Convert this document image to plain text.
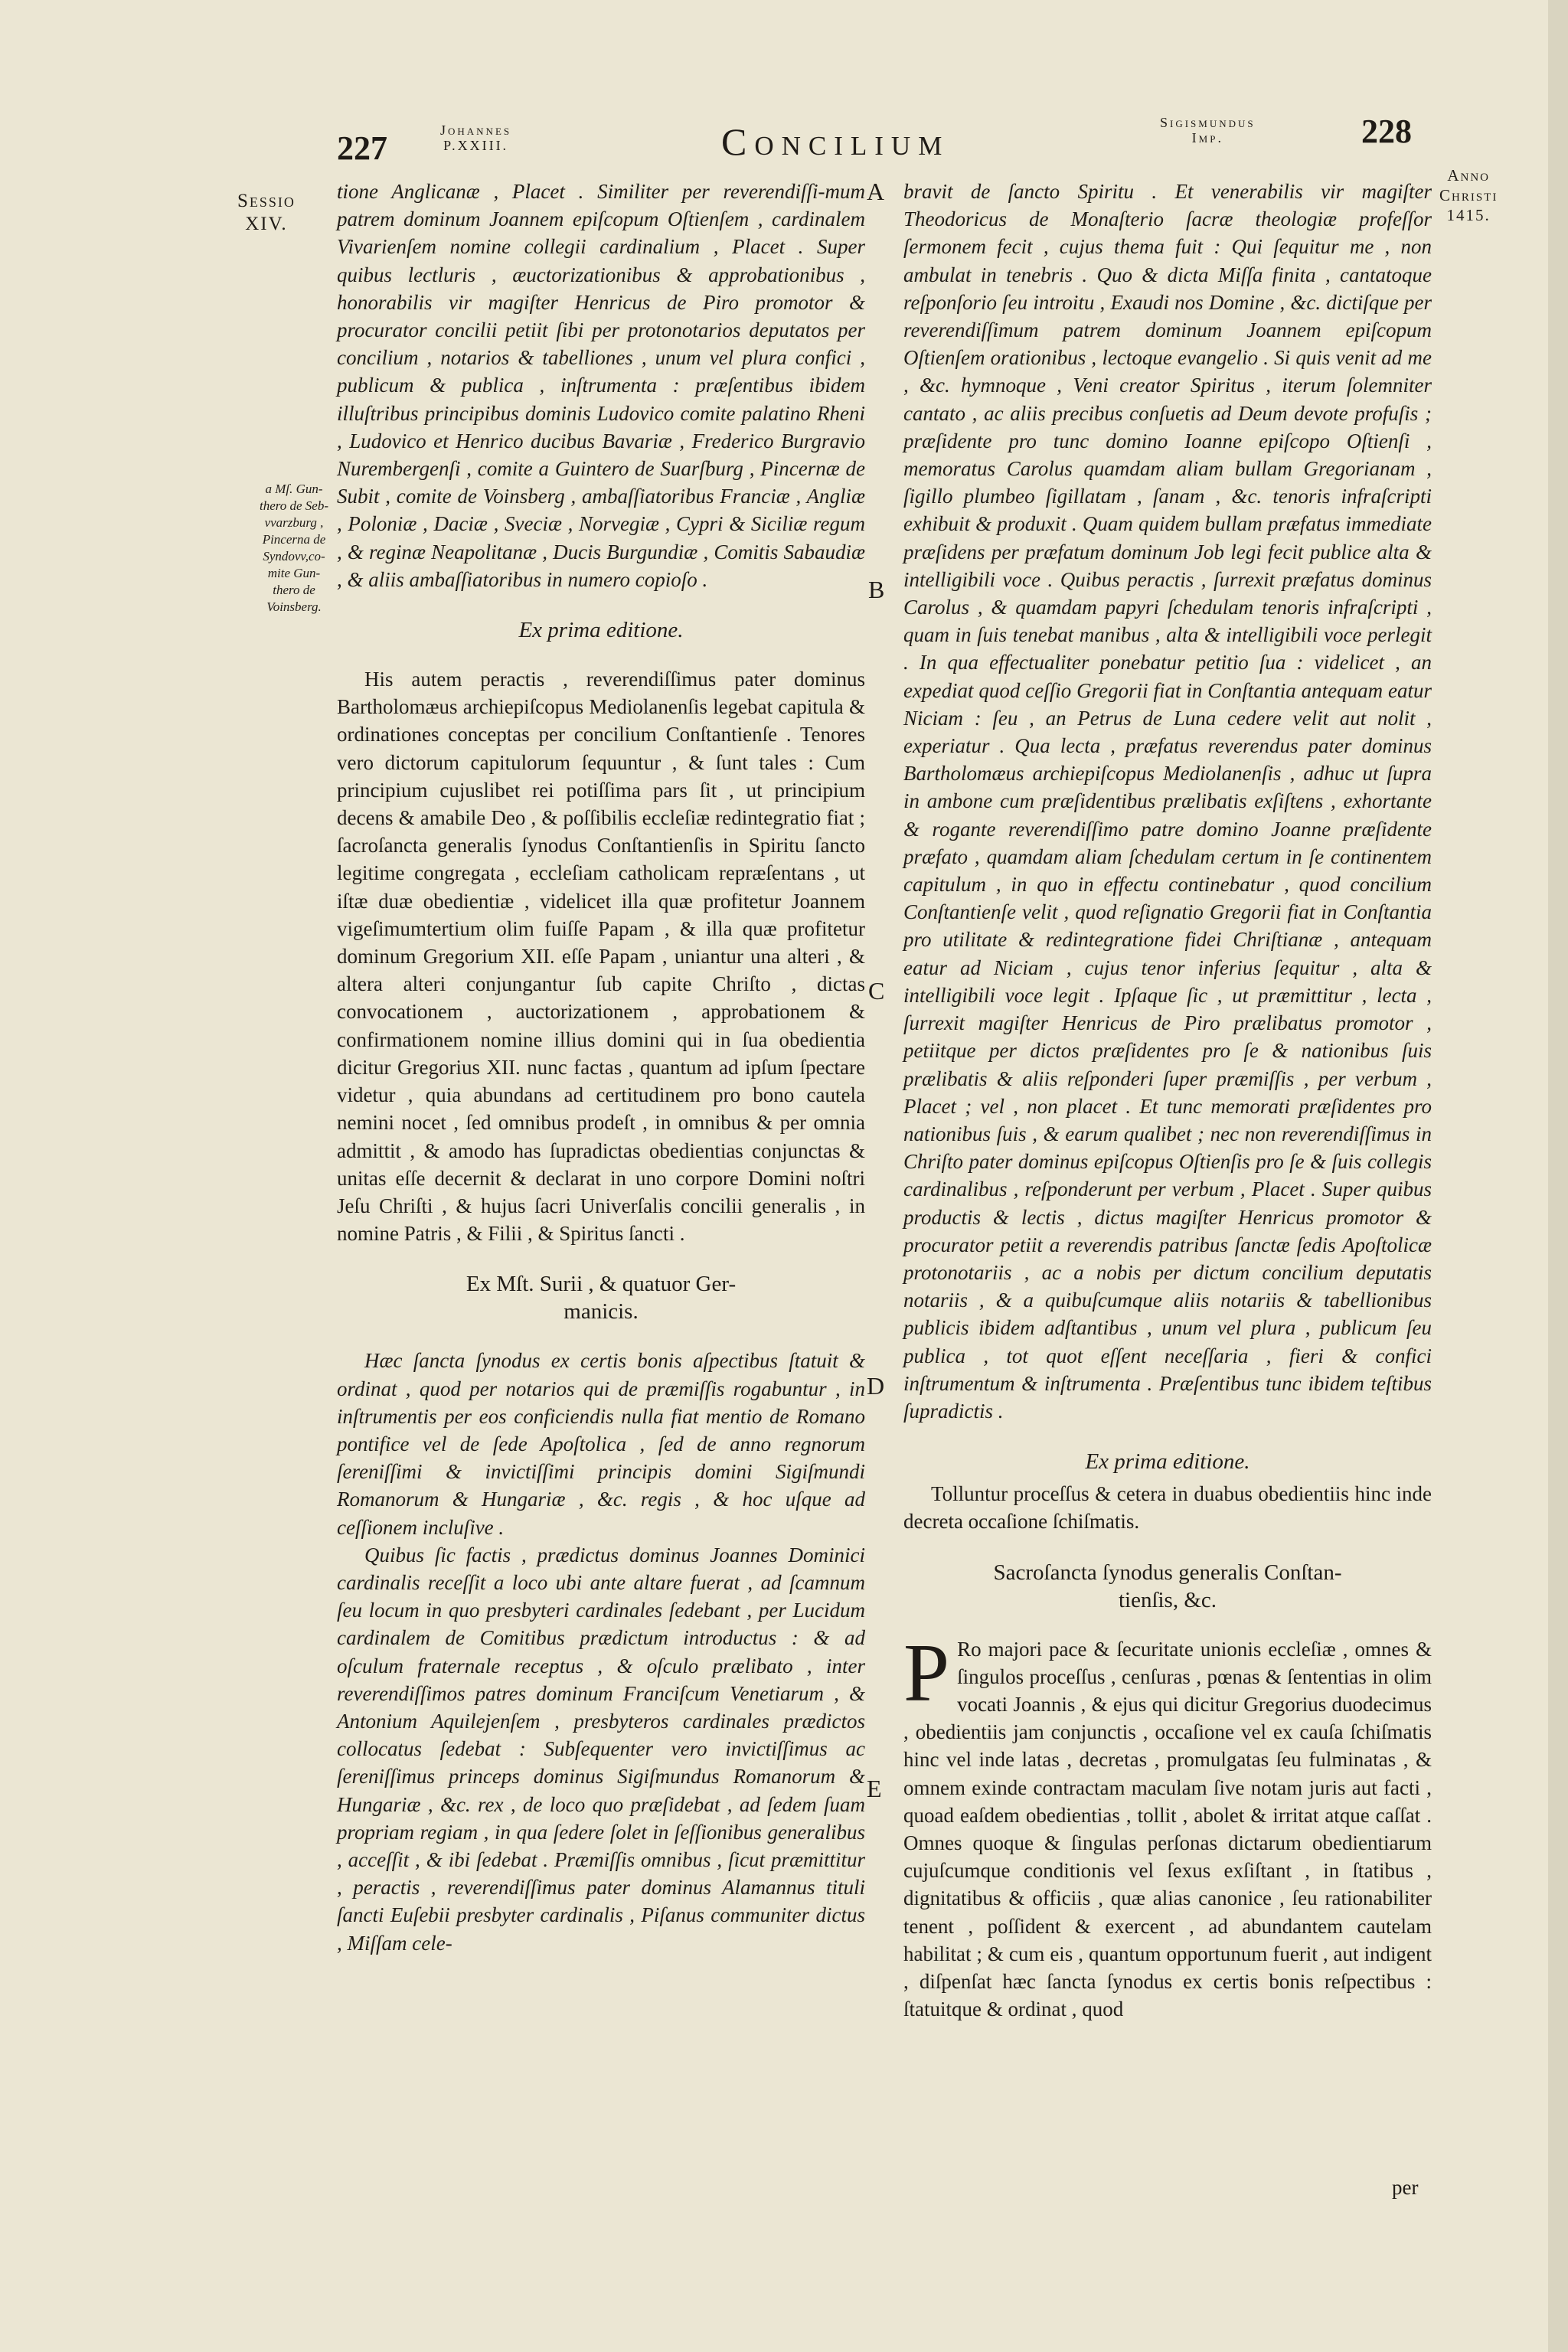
227	Johannes
P.XXIII.	Concilium	Sigismundus
Imp.	228
Sessio
XIV.
Anno
Christi
1415.
a Mſ. Gun-
thero de Seb-
vvarzburg ,
Pincerna de
Syndovv,co-
mite Gun-
thero de
Voinsberg.
A
B
C
D
E

tione Anglicanæ , Placet . Similiter per reverendiſſi-mum patrem dominum Joannem epiſcopum Oſtienſem , cardinalem Vivarienſem nomine collegii cardinalium , Placet . Super quibus lectluris , æuctorizationibus & approbationibus , honorabilis vir magiſter Henricus de Piro promotor & procurator concilii petiit ſibi per protonotarios deputatos per concilium , notarios & tabelliones , unum vel plura confici , publicum & publica , inſtrumenta : præſentibus ibidem illuſtribus principibus dominis Ludovico comite palatino Rheni , Ludovico et Henrico ducibus Bavariæ , Frederico Burgravio Nurembergenſi , comite a Guintero de Suarſburg , Pincernæ de Subit , comite de Voinsberg , ambaſſiatoribus Franciæ , Angliæ , Poloniæ , Daciæ , Sveciæ , Norvegiæ , Cypri & Siciliæ regum , & reginæ Neapolitanæ , Ducis Burgundiæ , Comitis Sabaudiæ , & aliis ambaſſiatoribus in numero copioſo .

Ex prima editione.

His autem peractis , reverendiſſimus pater dominus Bartholomæus archiepiſcopus Mediolanenſis legebat capitula & ordinationes conceptas per concilium Conſtantienſe . Tenores vero dictorum capitulorum ſequuntur , & ſunt tales : Cum principium cujuslibet rei potiſſima pars ſit , ut principium decens & amabile Deo , & poſſibilis eccleſiæ redintegratio fiat ; ſacroſancta generalis ſynodus Conſtantienſis in Spiritu ſancto legitime congregata , eccleſiam catholicam repræſentans , ut iſtæ duæ obedientiæ , videlicet illa quæ profitetur Joannem vigeſimumtertium olim fuiſſe Papam , & illa quæ profitetur dominum Gregorium XII. eſſe Papam , uniantur una alteri , & altera alteri conjungantur ſub capite Chriſto , dictas convocationem , auctorizationem , approbationem & confirmationem nomine illius domini qui in ſua obedientia dicitur Gregorius XII. nunc factas , quantum ad ipſum ſpectare videtur , quia abundans ad certitudinem pro bono cautela nemini nocet , ſed omnibus prodeſt , in omnibus & per omnia admittit , & amodo has ſupradictas obedientias conjunctas & unitas eſſe decernit & declarat in uno corpore Domini noſtri Jeſu Chriſti , & hujus ſacri Univerſalis concilii generalis , in nomine Patris , & Filii , & Spiritus ſancti .

Ex Mſt. Surii , & quatuor Ger-
manicis.

Hæc ſancta ſynodus ex certis bonis aſpectibus ſtatuit & ordinat , quod per notarios qui de præmiſſis rogabuntur , in inſtrumentis per eos conficiendis nulla fiat mentio de Romano pontifice vel de ſede Apoſtolica , ſed de anno regnorum ſereniſſimi & invictiſſimi principis domini Sigiſmundi Romanorum & Hungariæ , &c. regis , & hoc uſque ad ceſſionem incluſive .

Quibus ſic factis , prædictus dominus Joannes Dominici cardinalis receſſit a loco ubi ante altare fuerat , ad ſcamnum ſeu locum in quo presbyteri cardinales ſedebant , per Lucidum cardinalem de Comitibus prædictum introductus : & ad oſculum fraternale receptus , & oſculo prælibato , inter reverendiſſimos patres dominum Franciſcum Venetiarum , & Antonium Aquilejenſem , presbyteros cardinales prædictos collocatus ſedebat : Subſequenter vero invictiſſimus ac ſereniſſimus princeps dominus Sigiſmundus Romanorum & Hungariæ , &c. rex , de loco quo præſidebat , ad ſedem ſuam propriam regiam , in qua ſedere ſolet in ſeſſionibus generalibus , acceſſit , & ibi ſedebat . Præmiſſis omnibus , ſicut præmittitur , peractis , reverendiſſimus pater dominus Alamannus tituli ſancti Euſebii presbyter cardinalis , Piſanus communiter dictus , Miſſam cele-

bravit de ſancto Spiritu . Et venerabilis vir magiſter Theodoricus de Monaſterio ſacræ theologiæ profeſſor ſermonem fecit , cujus thema fuit : Qui ſequitur me , non ambulat in tenebris . Quo & dicta Miſſa finita , cantatoque reſponſorio ſeu introitu , Exaudi nos Domine , &c. dictiſque per reverendiſſimum patrem dominum Joannem epiſcopum Oſtienſem orationibus , lectoque evangelio . Si quis venit ad me , &c. hymnoque , Veni creator Spiritus , iterum ſolemniter cantato , ac aliis precibus conſuetis ad Deum devote profuſis ; præſidente pro tunc domino Ioanne epiſcopo Oſtienſi , memoratus Carolus quamdam aliam bullam Gregorianam , ſigillo plumbeo ſigillatam , ſanam , &c. tenoris infraſcripti exhibuit & produxit . Quam quidem bullam præfatus immediate præſidens per præfatum dominum Job legi fecit publice alta & intelligibili voce . Quibus peractis , ſurrexit præfatus dominus Carolus , & quamdam papyri ſchedulam tenoris infraſcripti , quam in ſuis tenebat manibus , alta & intelligibili voce perlegit . In qua effectualiter ponebatur petitio ſua : videlicet , an expediat quod ceſſio Gregorii fiat in Conſtantia antequam eatur Niciam : ſeu , an Petrus de Luna cedere velit aut nolit , experiatur . Qua lecta , præfatus reverendus pater dominus Bartholomæus archiepiſcopus Mediolanenſis , adhuc ut ſupra in ambone cum præſidentibus prælibatis exſiſtens , exhortante & rogante reverendiſſimo patre domino Joanne præſidente præfato , quamdam aliam ſchedulam certum in ſe continentem capitulum , in quo in effectu continebatur , quod concilium Conſtantienſe velit , quod reſignatio Gregorii fiat in Conſtantia pro utilitate & redintegratione fidei Chriſtianæ , antequam eatur ad Niciam , cujus tenor inferius ſequitur , alta & intelligibili voce legit . Ipſaque ſic , ut præmittitur , lecta , ſurrexit magiſter Henricus de Piro prælibatus promotor , petiitque per dictos præſidentes pro ſe & nationibus ſuis prælibatis & aliis reſponderi ſuper præmiſſis , per verbum , Placet ; vel , non placet . Et tunc memorati præſidentes pro nationibus ſuis , & earum qualibet ; nec non reverendiſſimus in Chriſto pater dominus epiſcopus Oſtienſis pro ſe & ſuis collegis cardinalibus , reſponderunt per verbum , Placet . Super quibus productis & lectis , dictus magiſter Henricus promotor & procurator petiit a reverendis patribus ſanctæ ſedis Apoſtolicæ protonotariis , ac a nobis per dictum concilium deputatis notariis , & a quibuſcumque aliis notariis & tabellionibus publicis ibidem adſtantibus , unum vel plura , publicum ſeu publica , tot quot eſſent neceſſaria , fieri & confici inſtrumentum & inſtrumenta . Præſentibus tunc ibidem teſtibus ſupradictis .

Ex prima editione.

Tolluntur proceſſus & cetera in duabus obedientiis hinc inde decreta occaſione ſchiſmatis.

Sacroſancta ſynodus generalis Conſtan-
tienſis, &c.

P Ro majori pace & ſecuritate unionis eccleſiæ , omnes & ſingulos proceſſus , cenſuras , pœnas & ſententias in olim vocati Joannis , & ejus qui dicitur Gregorius duodecimus , obedientiis jam conjunctis , occaſione vel ex cauſa ſchiſmatis hinc vel inde latas , decretas , promulgatas ſeu fulminatas , & omnem exinde contractam maculam ſive notam juris aut facti , quoad eaſdem obedientias , tollit , abolet & irritat atque caſſat . Omnes quoque & ſingulas perſonas dictarum obedientiarum cujuſcumque conditionis vel ſexus exſiſtant , in ſtatibus , dignitatibus & officiis , quæ alias canonice , ſeu rationabiliter tenent , poſſident & exercent , ad abundantem cautelam habilitat ; & cum eis , quantum opportunum fuerit , aut indigent , diſpenſat hæc ſancta ſynodus ex certis bonis reſpectibus : ſtatuitque & ordinat , quod

per
